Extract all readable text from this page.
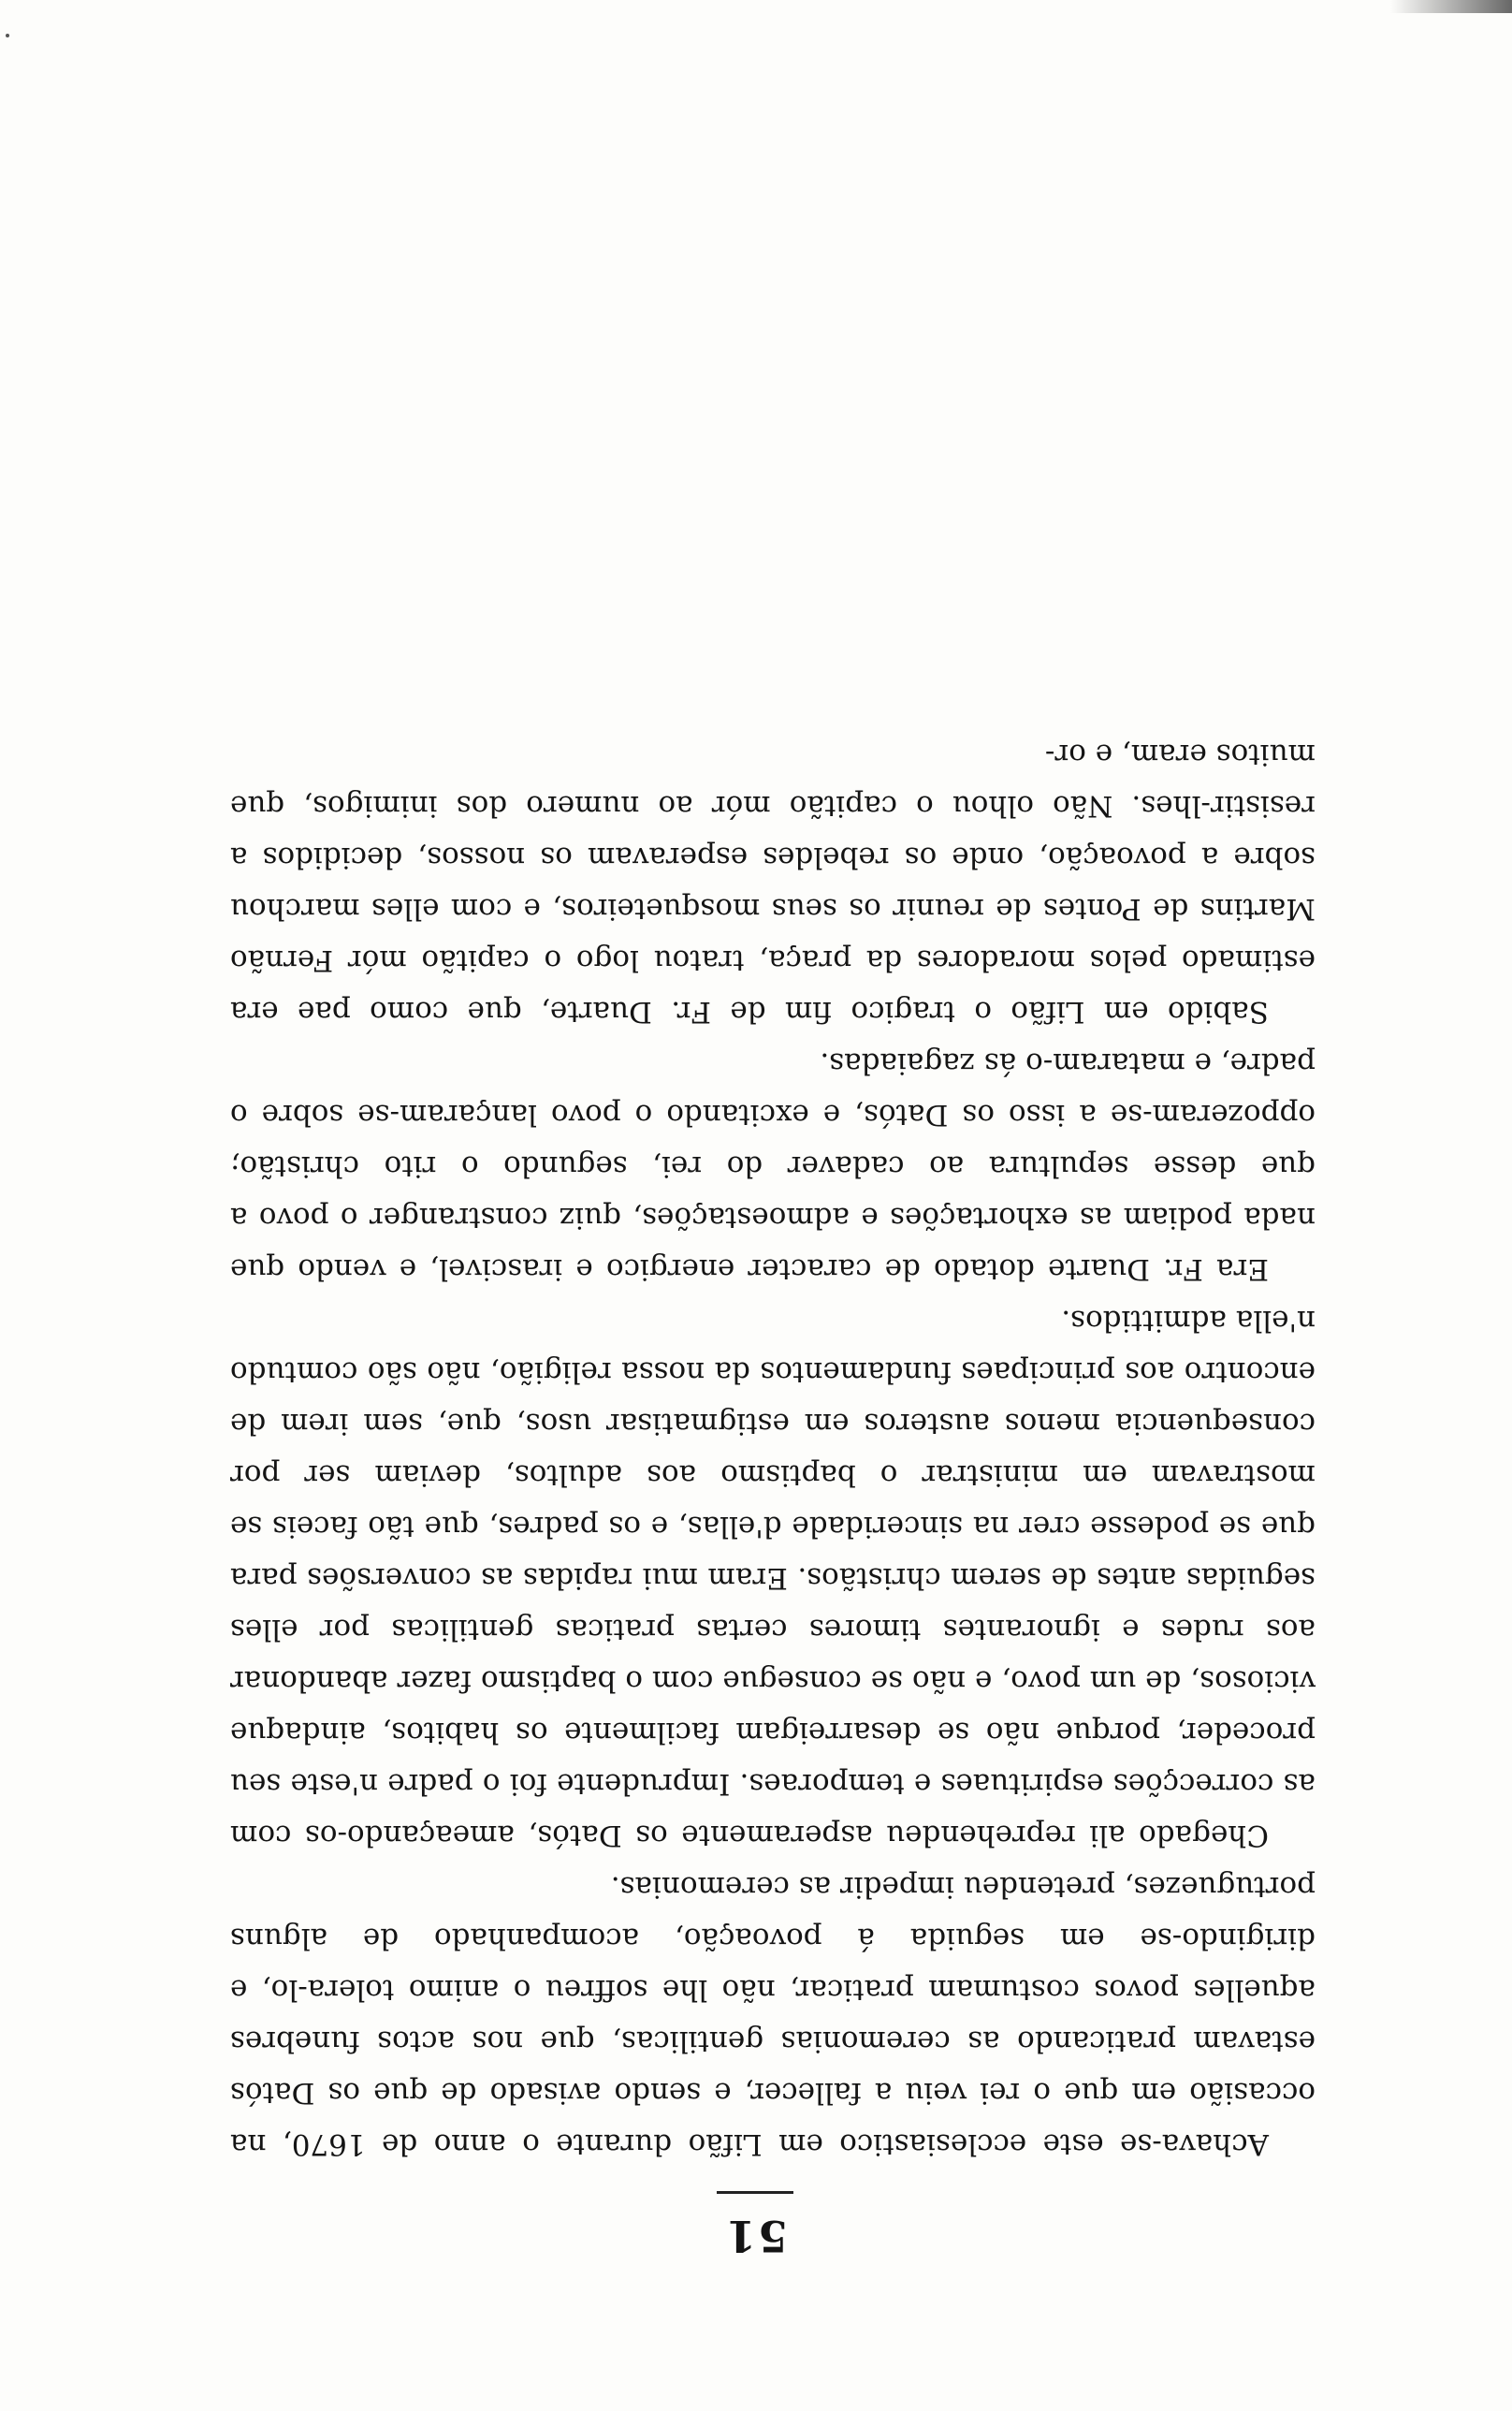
51

Achava-se este ecclesiastico em Lifão durante o anno de 1670, na occasião em que o rei veiu a fallecer, e sendo avisado de que os Datós estavam praticando as ceremonias gentilicas, que nos actos funebres aquelles povos costumam praticar, não lhe soffreu o animo tolera-lo, e dirigindo-se em seguida á povoação, acompanhado de alguns portuguezes, pretendeu impedir as ceremonias.

Chegado ali reprehendeu asperamente os Datós, ameaçando-os com as correcções espirituaes e temporaes. Imprudente foi o padre n'este seu proceder, porque não se desarreigam facilmente os habitos, aindaque viciosos, de um povo, e não se consegue com o baptismo fazer abandonar aos rudes e ignorantes timores certas praticas gentilicas por elles seguidas antes de serem christãos. Eram mui rapidas as conversões para que se podesse crer na sinceridade d'ellas, e os padres, que tão faceis se mostravam em ministrar o baptismo aos adultos, deviam ser por consequencia menos austeros em estigmatisar usos, que, sem irem de encontro aos principaes fundamentos da nossa religião, não são comtudo n'ella admittidos.

Era Fr. Duarte dotado de caracter energico e irascivel, e vendo que nada podiam as exhortações e admoestações, quiz constranger o povo a que desse sepultura ao cadaver do rei, segundo o rito christão; oppozeram-se a isso os Datós, e excitando o povo lançaram-se sobre o padre, e mataram-o ás zagaiadas.

Sabido em Lifão o tragico fim de Fr. Duarte, que como pae era estimado pelos moradores da praça, tratou logo o capitão mór Fernão Martins de Pontes de reunir os seus mosqueteiros, e com elles marchou sobre a povoação, onde os rebeldes esperavam os nossos, decididos a resistir-lhes. Não olhou o capitão mór ao numero dos inimigos, que muitos eram, e or-
